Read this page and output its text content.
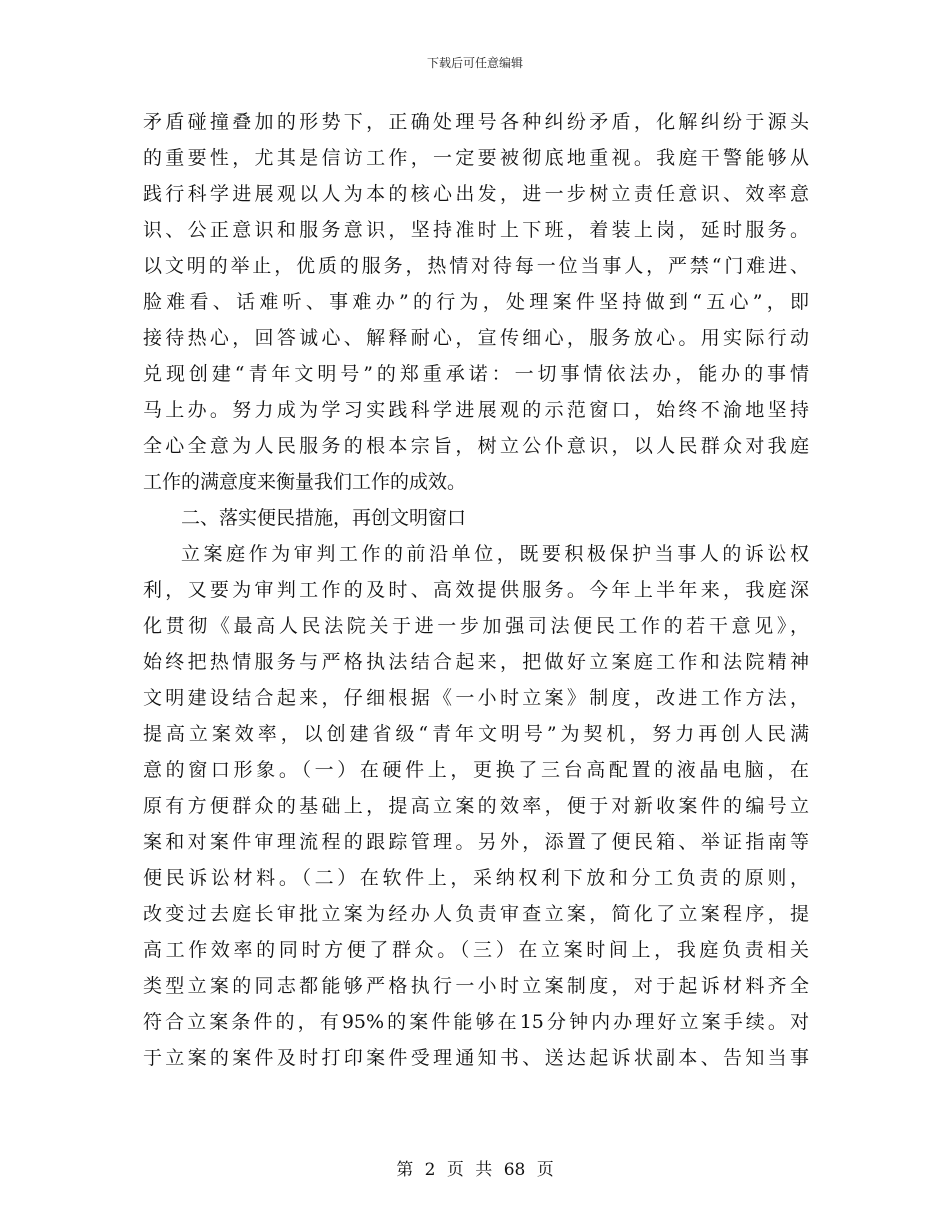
下载后可任意编辑
矛盾碰撞叠加的形势下，正确处理号各种纠纷矛盾，化解纠纷于源头
的重要性，尤其是信访工作，一定要被彻底地重视。我庭干警能够从
践行科学进展观以人为本的核心出发，进一步树立责任意识、效率意
识、公正意识和服务意识，坚持准时上下班，着装上岗，延时服务。
以文明的举止，优质的服务，热情对待每一位当事人，严禁“门难进、
脸难看、话难听、事难办”的行为，处理案件坚持做到“五心”，即
接待热心，回答诚心、解释耐心，宣传细心，服务放心。用实际行动
兑现创建“青年文明号”的郑重承诺：一切事情依法办，能办的事情
马上办。努力成为学习实践科学进展观的示范窗口，始终不渝地坚持
全心全意为人民服务的根本宗旨，树立公仆意识，以人民群众对我庭
工作的满意度来衡量我们工作的成效。
二、落实便民措施，再创文明窗口
立案庭作为审判工作的前沿单位，既要积极保护当事人的诉讼权
利，又要为审判工作的及时、高效提供服务。今年上半年来，我庭深
化贯彻《最高人民法院关于进一步加强司法便民工作的若干意见》，
始终把热情服务与严格执法结合起来，把做好立案庭工作和法院精神
文明建设结合起来，仔细根据《一小时立案》制度，改进工作方法，
提高立案效率，以创建省级“青年文明号”为契机，努力再创人民满
意的窗口形象。（一）在硬件上，更换了三台高配置的液晶电脑，在
原有方便群众的基础上，提高立案的效率，便于对新收案件的编号立
案和对案件审理流程的跟踪管理。另外，添置了便民箱、举证指南等
便民诉讼材料。（二）在软件上，采纳权利下放和分工负责的原则，
改变过去庭长审批立案为经办人负责审查立案，简化了立案程序，提
高工作效率的同时方便了群众。（三）在立案时间上，我庭负责相关
类型立案的同志都能够严格执行一小时立案制度，对于起诉材料齐全
符合立案条件的，有95%的案件能够在15分钟内办理好立案手续。对
于立案的案件及时打印案件受理通知书、送达起诉状副本、告知当事
第 2 页 共 68 页
